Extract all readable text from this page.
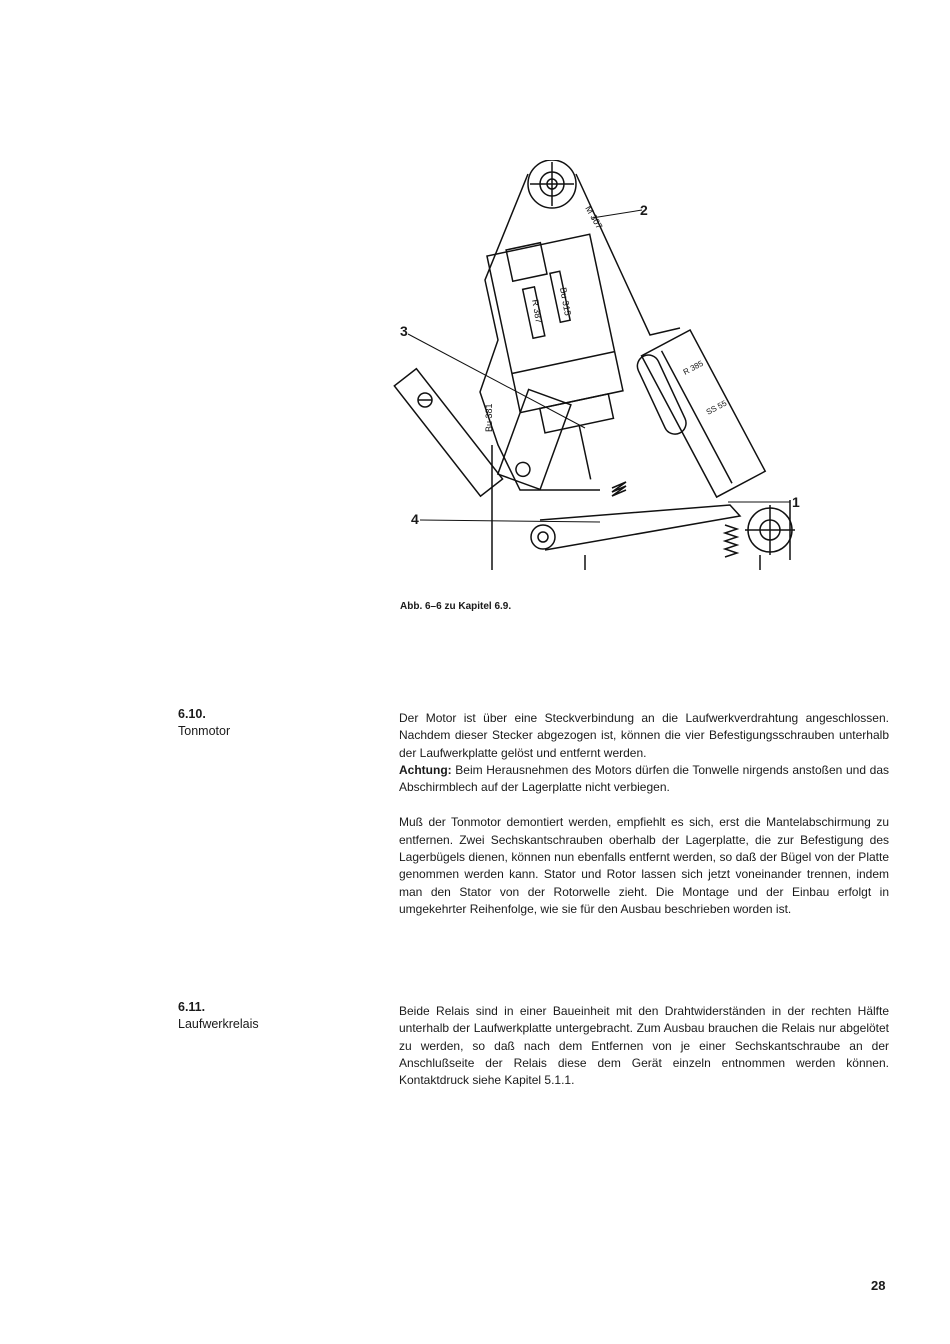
R 387 Bu 315
Bu 381
M 307
R 385
SS 55
2
3
4
1
Abb. 6–6 zu Kapitel 6.9.
6.10.
Tonmotor

Der Motor ist über eine Steckverbindung an die Laufwerkverdrahtung angeschlossen. Nachdem dieser Stecker abgezogen ist, können die vier Befestigungsschrauben unterhalb der Laufwerkplatte gelöst und entfernt werden.

Achtung: Beim Herausnehmen des Motors dürfen die Tonwelle nirgends anstoßen und das Abschirmblech auf der Lagerplatte nicht verbiegen.

Muß der Tonmotor demontiert werden, empfiehlt es sich, erst die Mantelabschirmung zu entfernen. Zwei Sechskantschrauben oberhalb der Lagerplatte, die zur Befestigung des Lagerbügels dienen, können nun ebenfalls entfernt werden, so daß der Bügel von der Platte genommen werden kann. Stator und Rotor lassen sich jetzt voneinander trennen, indem man den Stator von der Rotorwelle zieht. Die Montage und der Einbau erfolgt in umgekehrter Reihenfolge, wie sie für den Ausbau beschrieben worden ist.

6.11.
Laufwerkrelais

Beide Relais sind in einer Baueinheit mit den Drahtwiderständen in der rechten Hälfte unterhalb der Laufwerkplatte untergebracht. Zum Ausbau brauchen die Relais nur abgelötet zu werden, so daß nach dem Entfernen von je einer Sechskantschraube an der Anschlußseite der Relais diese dem Gerät einzeln entnommen werden können. Kontaktdruck siehe Kapitel 5.1.1.

28
